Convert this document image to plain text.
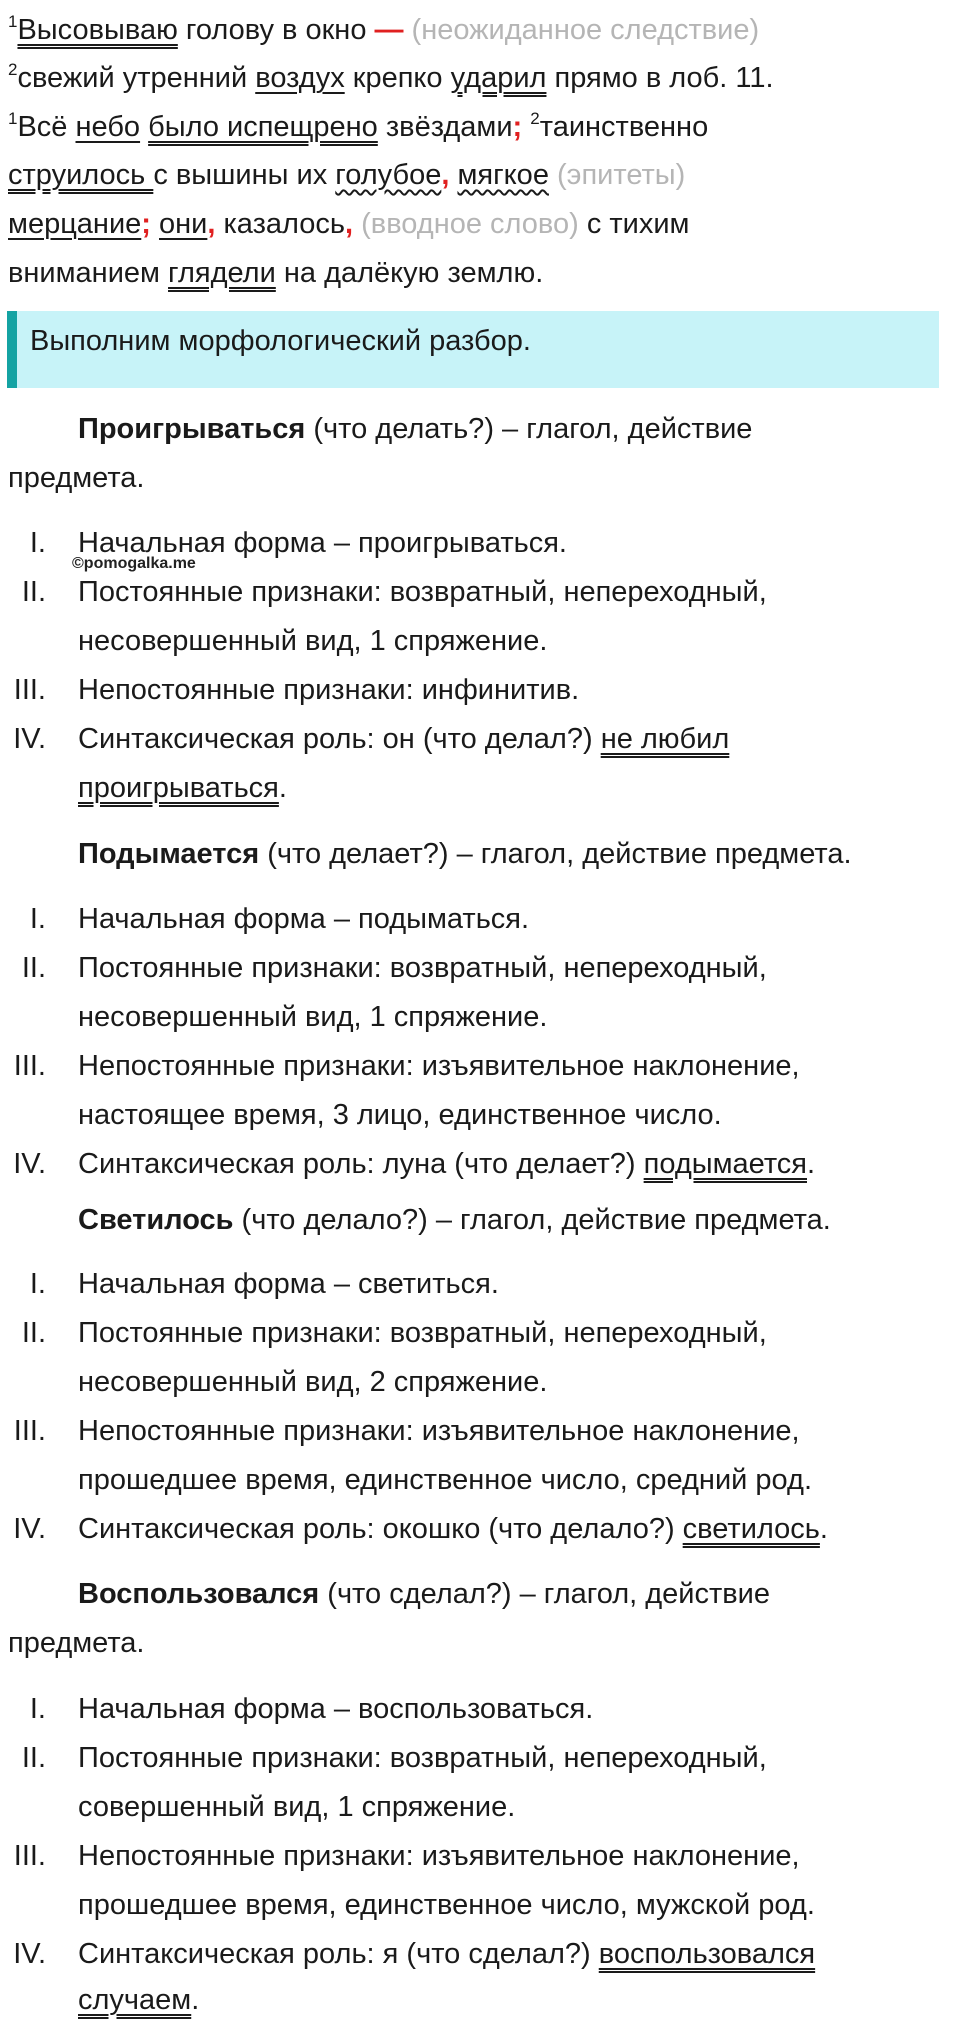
$^1$Высовываю голову в окно — (неожиданное следствие)
$^2$свежий утренний воздух крепко ударил прямо в лоб. 11.
$^1$Всё небо было испещрено звёздами; $^2$таинственно
струилось с вышины их голубое, мягкое (эпитеты)
мерцание; они, казалось, (вводное слово) с тихим
вниманием глядели на далёкую землю.
Выполним морфологический разбор.
Проигрываться (что делать?) – глагол, действие
предмета.
I. Начальная форма – проигрываться.
©pomogalka.me
II. Постоянные признаки: возвратный, непереходный,
несовершенный вид, 1 спряжение.
III. Непостоянные признаки: инфинитив.
IV. Синтаксическая роль: он (что делал?) не любил
проигрываться.
Подымается (что делает?) – глагол, действие предмета.
I. Начальная форма – подыматься.
II. Постоянные признаки: возвратный, непереходный,
несовершенный вид, 1 спряжение.
III. Непостоянные признаки: изъявительное наклонение,
настоящее время, 3 лицо, единственное число.
IV. Синтаксическая роль: луна (что делает?) подымается.
Светилось (что делало?) – глагол, действие предмета.
I. Начальная форма – светиться.
II. Постоянные признаки: возвратный, непереходный,
несовершенный вид, 2 спряжение.
III. Непостоянные признаки: изъявительное наклонение,
прошедшее время, единственное число, средний род.
IV. Синтаксическая роль: окошко (что делало?) светилось.
Воспользовался (что сделал?) – глагол, действие
предмета.
I. Начальная форма – воспользоваться.
II. Постоянные признаки: возвратный, непереходный,
совершенный вид, 1 спряжение.
III. Непостоянные признаки: изъявительное наклонение,
прошедшее время, единственное число, мужской род.
IV. Синтаксическая роль: я (что сделал?) воспользовался
случаем.
